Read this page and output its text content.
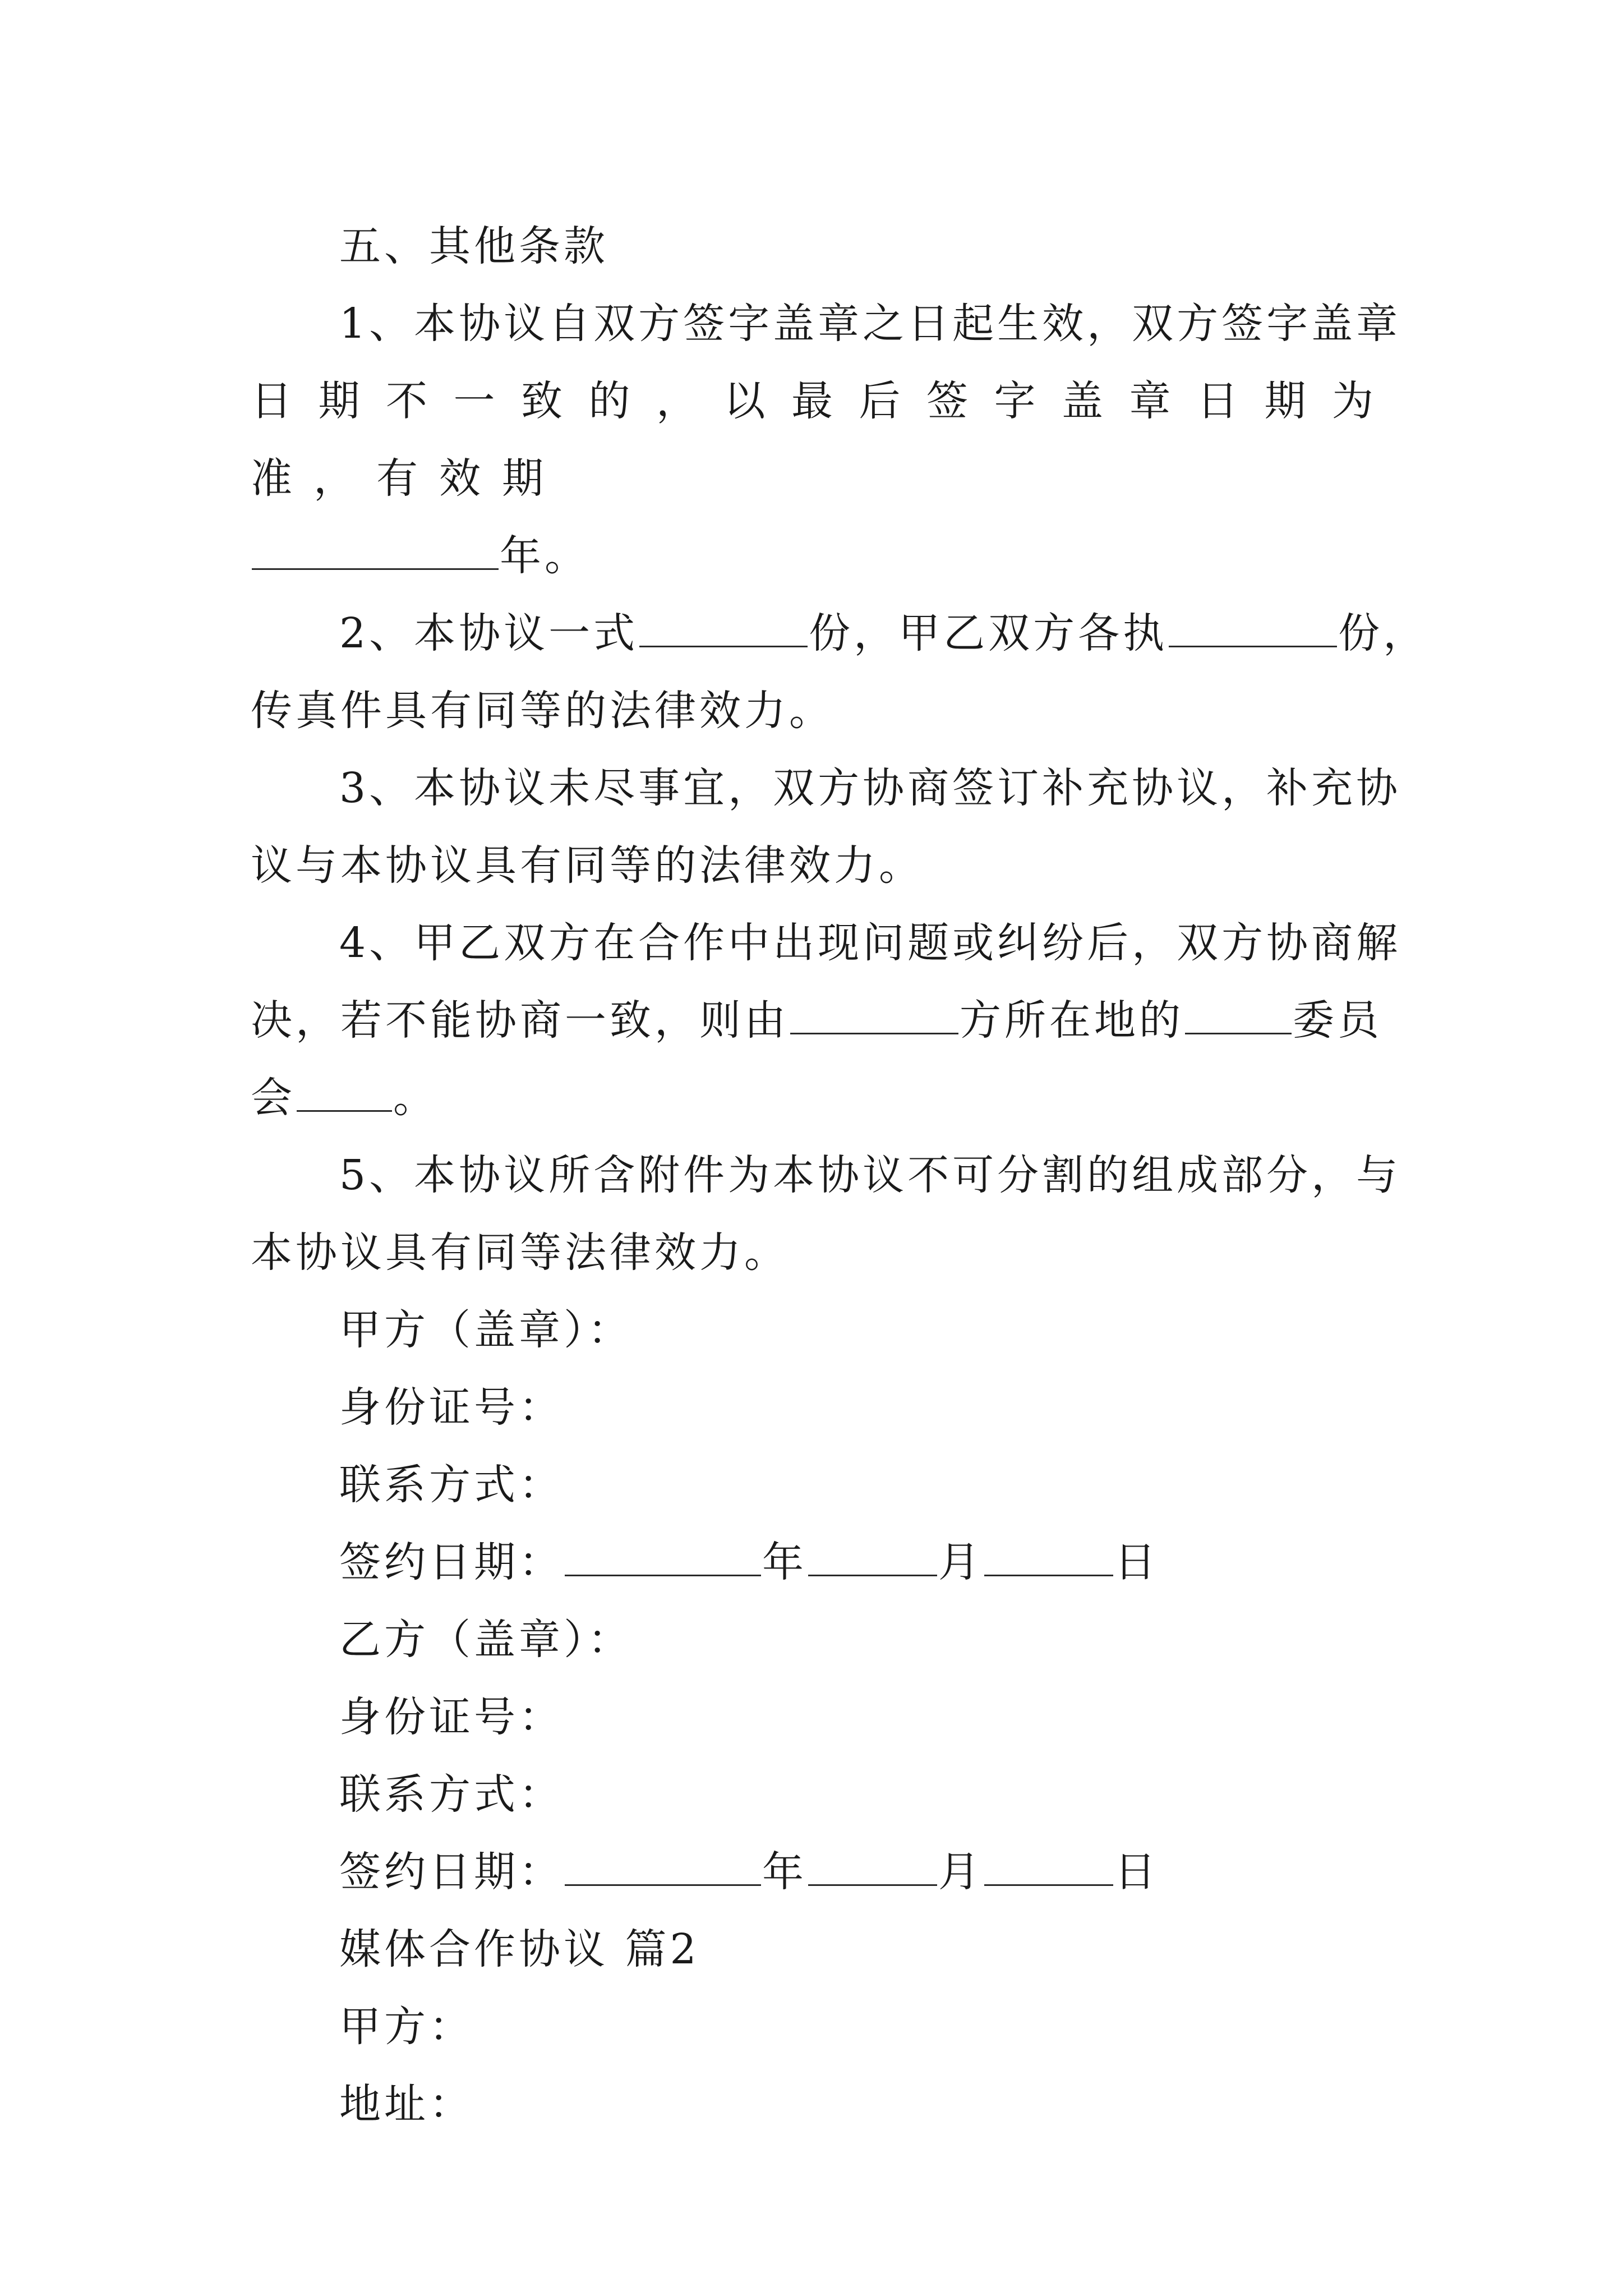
五、其他条款

1、本协议自双方签字盖章之日起生效，双方签字盖章

日期不一致的，以最后签字盖章日期为准，有效期

年。

2、本协议一式	份，甲乙双方各执	份，

传真件具有同等的法律效力。

3、本协议未尽事宜，双方协商签订补充协议，补充协

议与本协议具有同等的法律效力。

4、甲乙双方在合作中出现问题或纠纷后，双方协商解

决，若不能协商一致，则由	方所在地的	委员

会 。

5、本协议所含附件为本协议不可分割的组成部分，与

本协议具有同等法律效力。

甲方（盖章）：

身份证号：

联系方式：

签约日期：	年	月	日

乙方（盖章）：

身份证号：

联系方式：

签约日期：	年	月	日

媒体合作协议 篇2

甲方：

地址：
